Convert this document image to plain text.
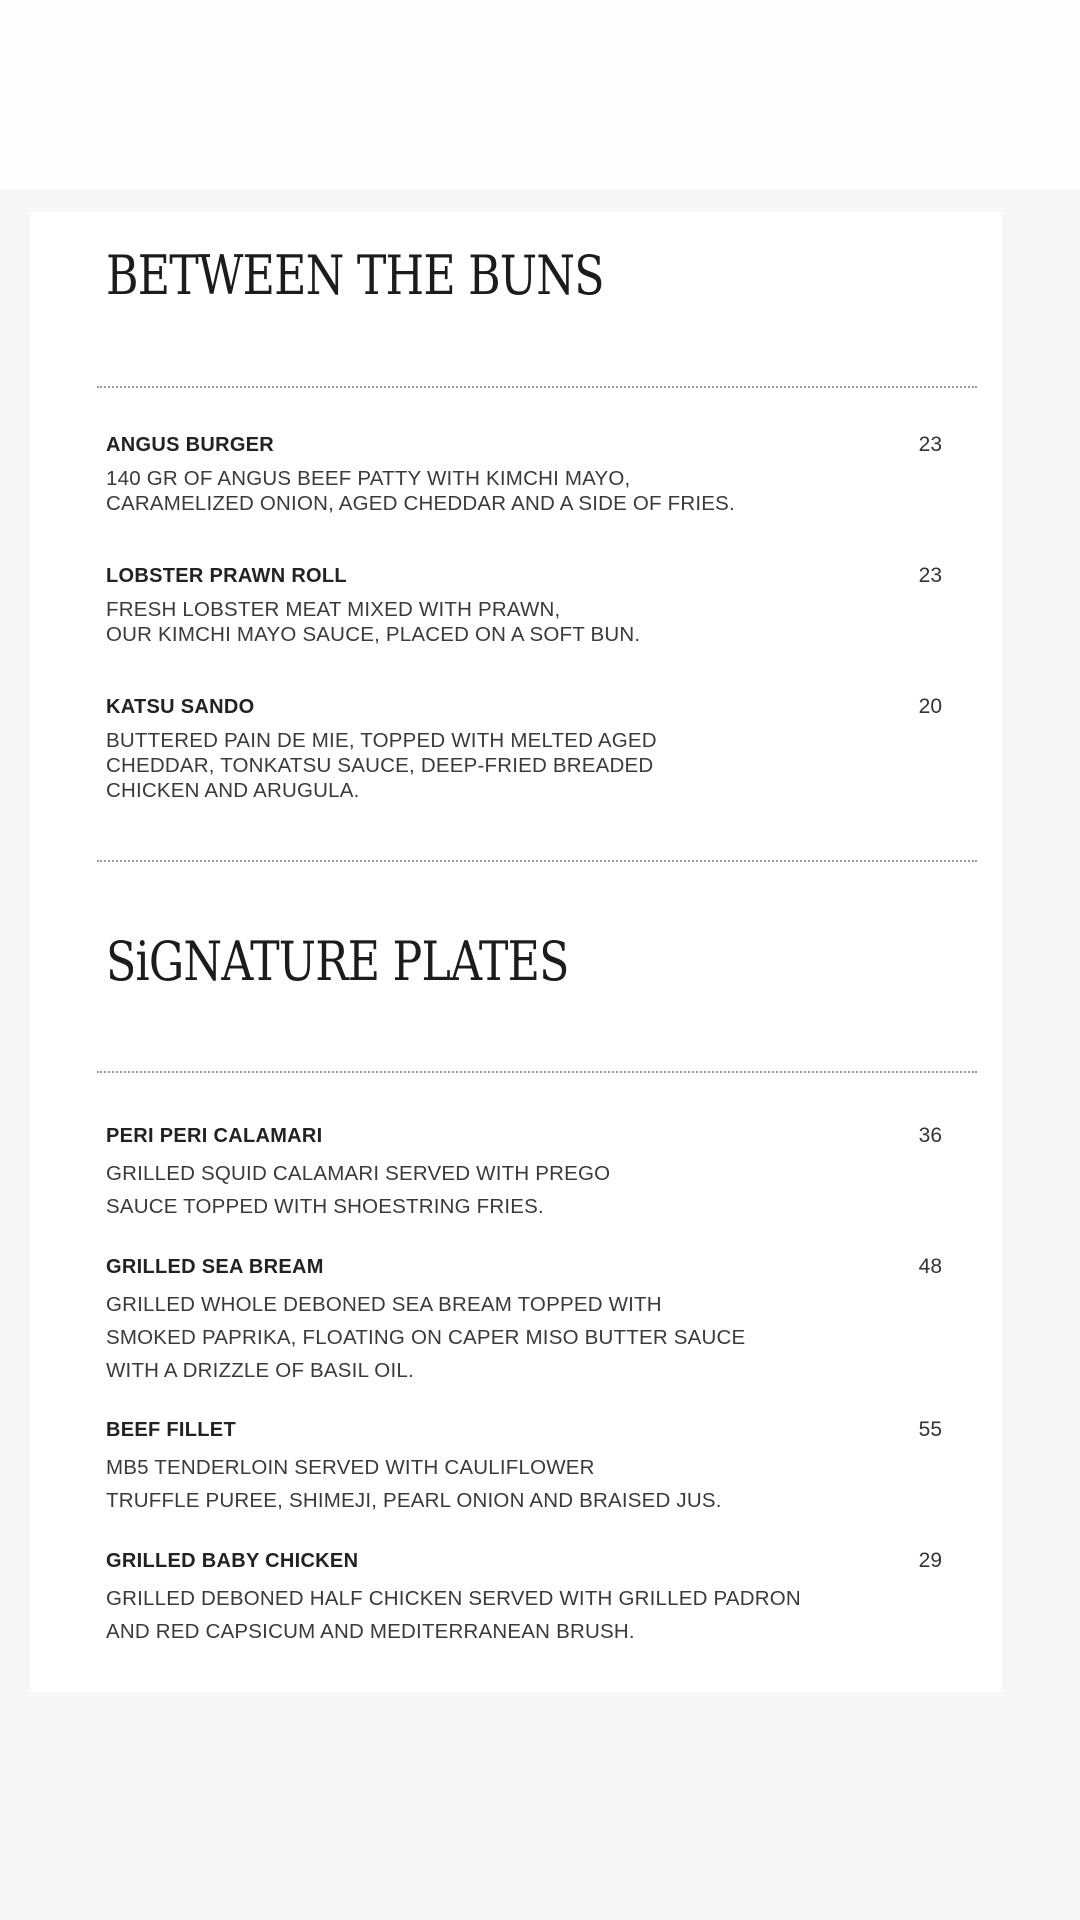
BETWEEN THE BUNS
ANGUS BURGER	23
140 GR OF ANGUS BEEF PATTY WITH KIMCHI MAYO,
CARAMELIZED ONION, AGED CHEDDAR AND A SIDE OF FRIES.
LOBSTER PRAWN ROLL	23
FRESH LOBSTER MEAT MIXED WITH PRAWN,
OUR KIMCHI MAYO SAUCE, PLACED ON A SOFT BUN.
KATSU SANDO	20
BUTTERED PAIN DE MIE, TOPPED WITH MELTED AGED
CHEDDAR, TONKATSU SAUCE, DEEP-FRIED BREADED
CHICKEN AND ARUGULA.
SiGNATURE PLATES
PERI PERI CALAMARI	36
GRILLED SQUID CALAMARI SERVED WITH PREGO
SAUCE TOPPED WITH SHOESTRING FRIES.
GRILLED SEA BREAM	48
GRILLED WHOLE DEBONED SEA BREAM TOPPED WITH
SMOKED PAPRIKA, FLOATING ON CAPER MISO BUTTER SAUCE
WITH A DRIZZLE OF BASIL OIL.
BEEF FILLET	55
MB5 TENDERLOIN SERVED WITH CAULIFLOWER
TRUFFLE PUREE, SHIMEJI, PEARL ONION AND BRAISED JUS.
GRILLED BABY CHICKEN	29
GRILLED DEBONED HALF CHICKEN SERVED WITH GRILLED PADRON
AND RED CAPSICUM AND MEDITERRANEAN BRUSH.
